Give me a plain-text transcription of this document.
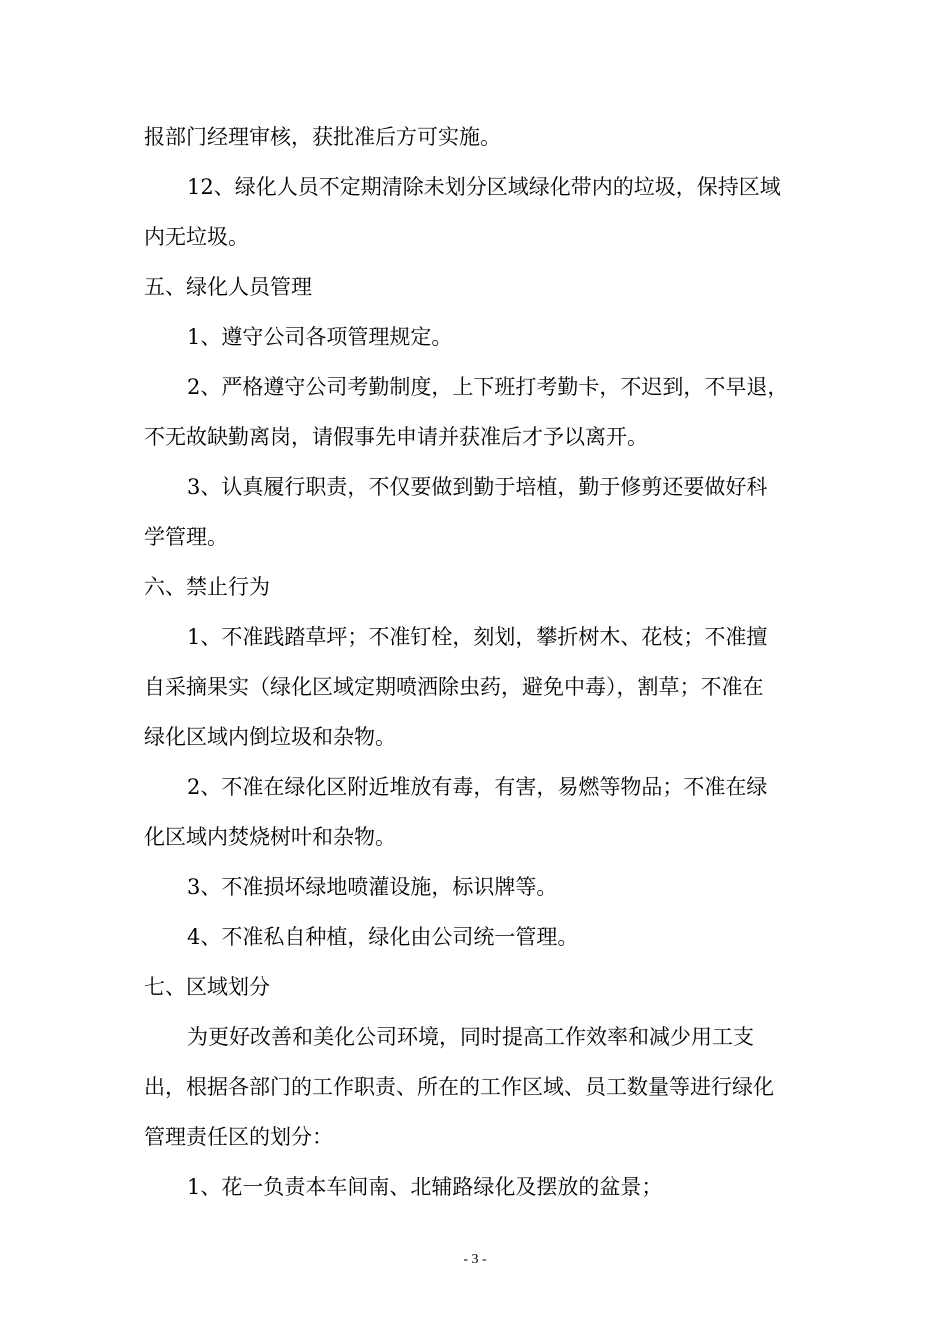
报部门经理审核，获批准后方可实施。
12、绿化人员不定期清除未划分区域绿化带内的垃圾，保持区域
内无垃圾。
五、绿化人员管理
1、遵守公司各项管理规定。
2、严格遵守公司考勤制度，上下班打考勤卡，不迟到，不早退，
不无故缺勤离岗，请假事先申请并获准后才予以离开。
3、认真履行职责，不仅要做到勤于培植，勤于修剪还要做好科
学管理。
六、禁止行为
1、不准践踏草坪；不准钉栓，刻划，攀折树木、花枝；不准擅
自采摘果实（绿化区域定期喷洒除虫药，避免中毒），割草；不准在
绿化区域内倒垃圾和杂物。
2、不准在绿化区附近堆放有毒，有害，易燃等物品；不准在绿
化区域内焚烧树叶和杂物。
3、不准损坏绿地喷灌设施，标识牌等。
4、不准私自种植，绿化由公司统一管理。
七、区域划分
为更好改善和美化公司环境，同时提高工作效率和减少用工支
出，根据各部门的工作职责、所在的工作区域、员工数量等进行绿化
管理责任区的划分：
1、花一负责本车间南、北辅路绿化及摆放的盆景；
- 3 -
